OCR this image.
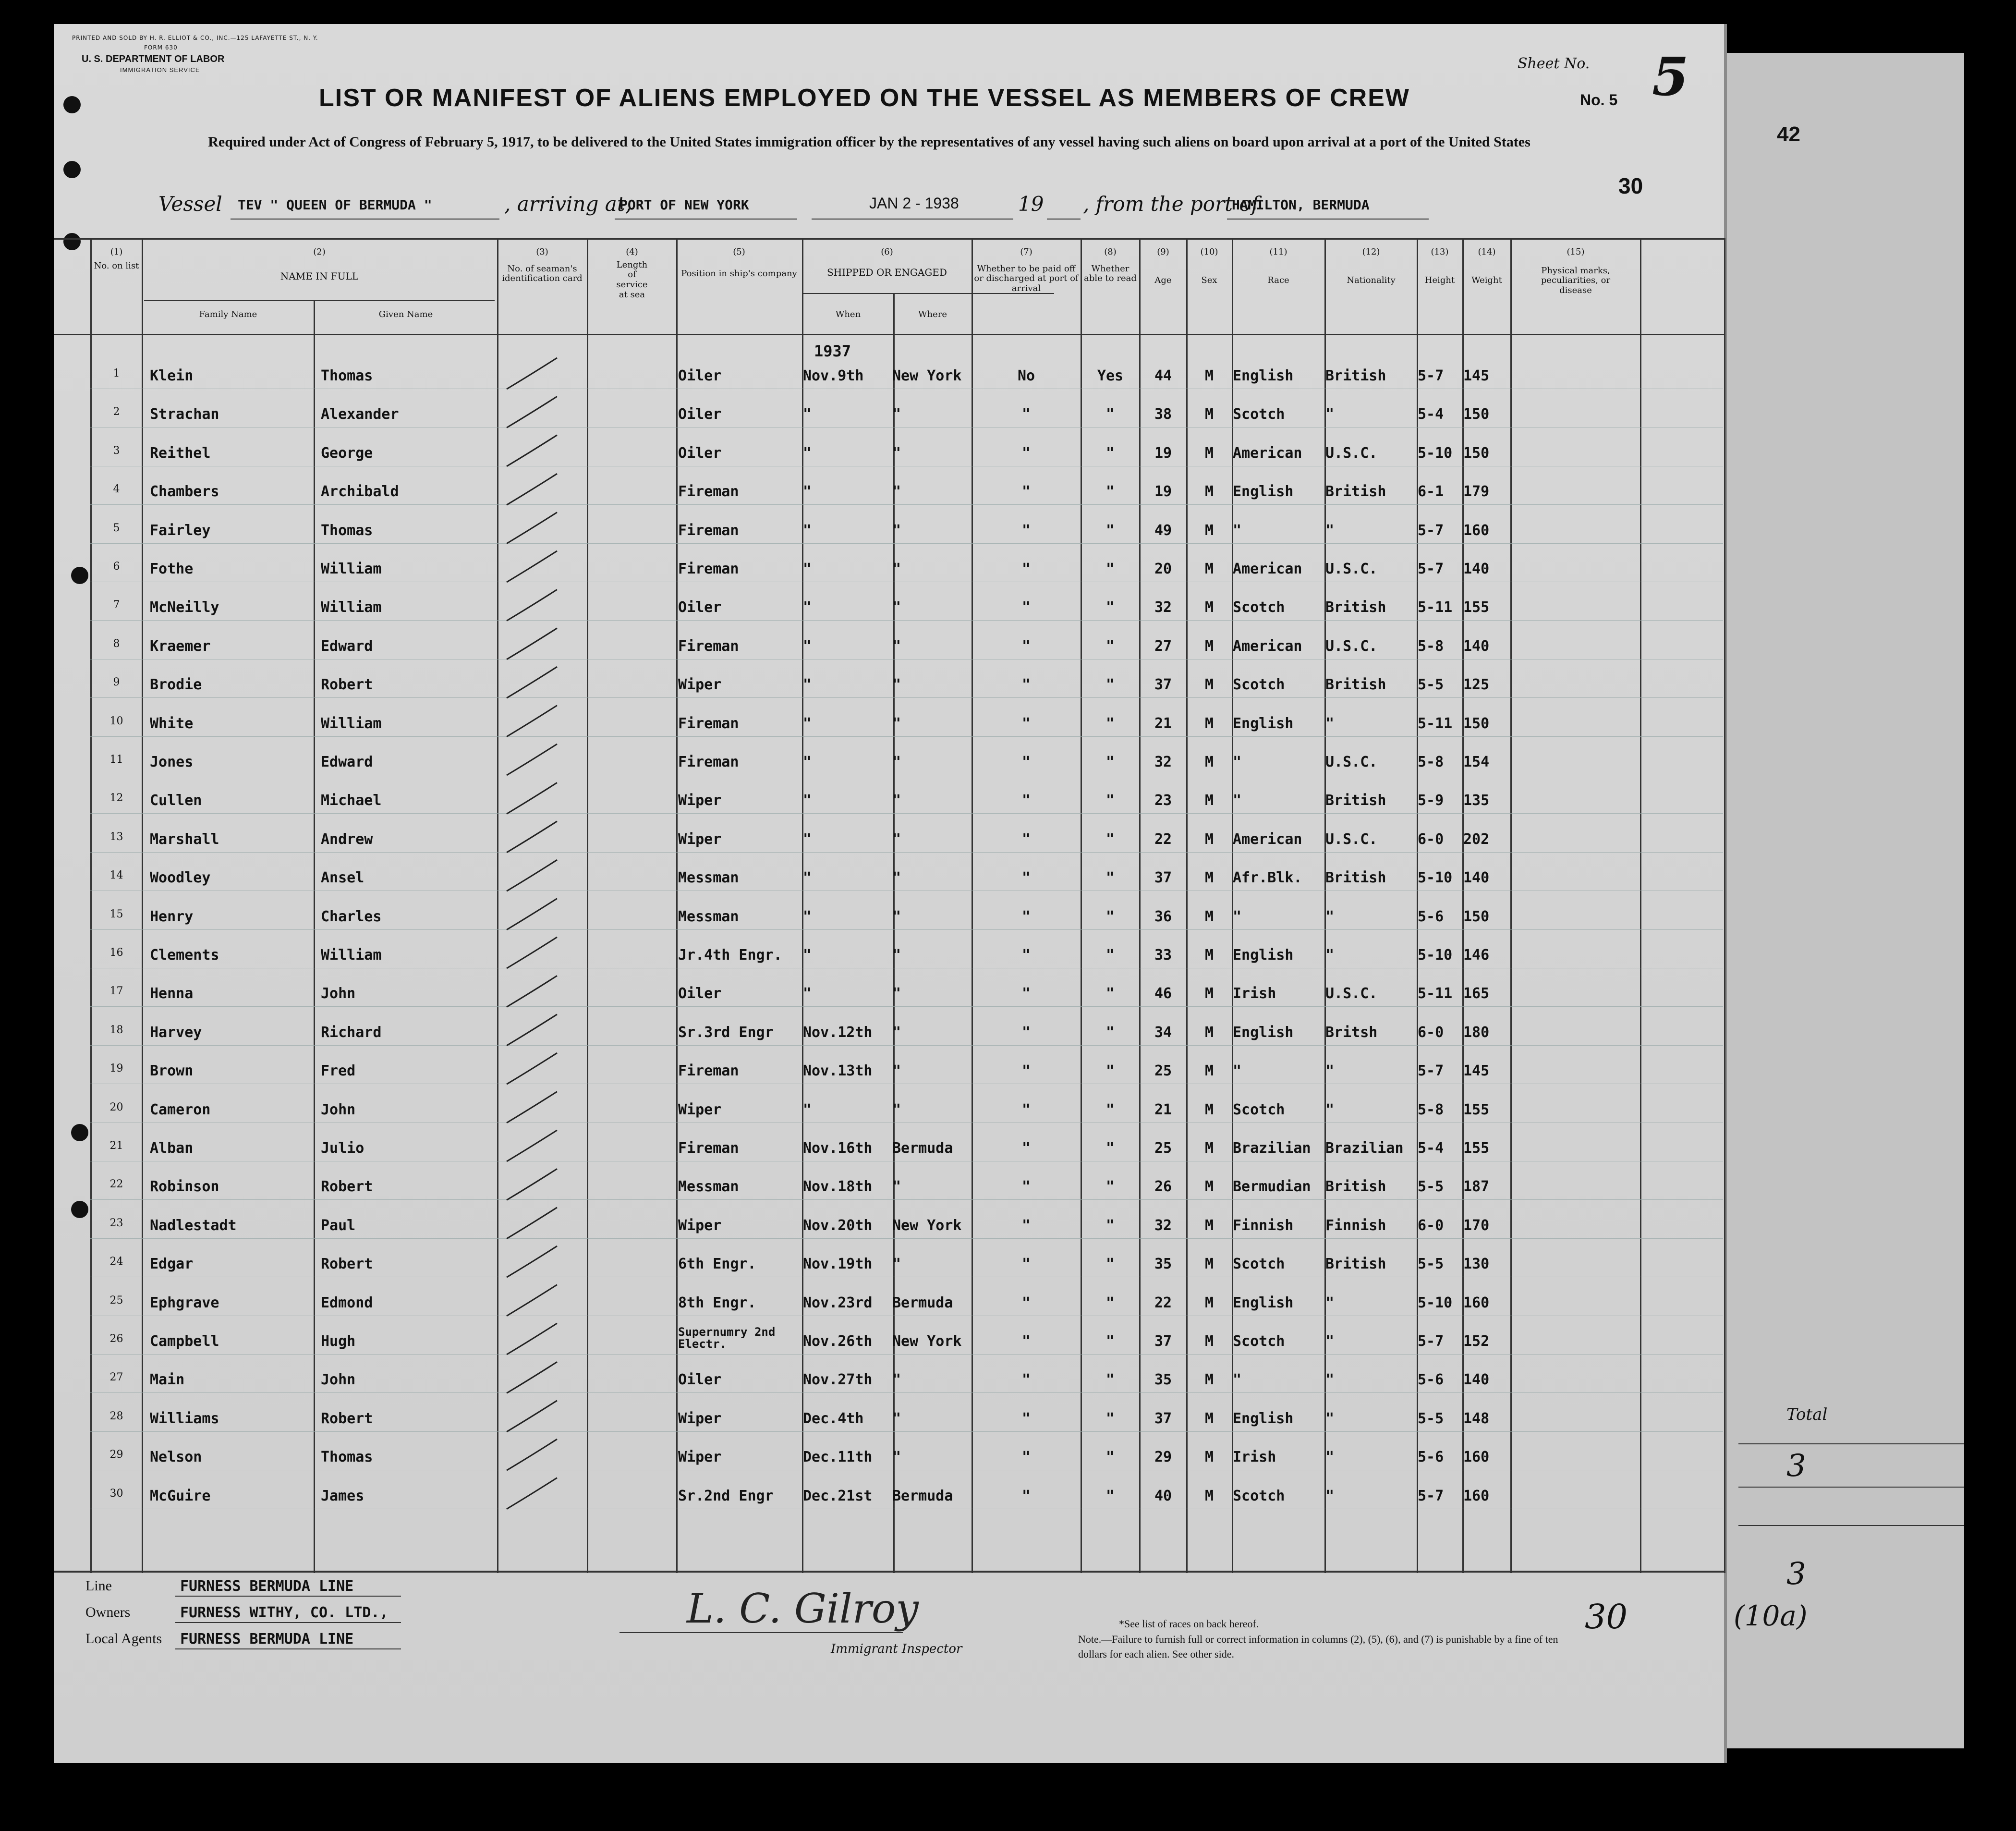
PRINTED AND SOLD BY H. R. ELLIOT & CO., INC.—125 LAFAYETTE ST., N. Y.
FORM 630
U. S. DEPARTMENT OF LABOR
IMMIGRATION SERVICE
LIST OR MANIFEST OF ALIENS EMPLOYED ON THE VESSEL AS MEMBERS OF CREW
Required under Act of Congress of February 5, 1917, to be delivered to the United States immigration officer by the representatives of any vessel having such aliens on board upon arrival at a port of the United States
Sheet No. 5
No. 5
42
30
Vessel TEV " QUEEN OF BERMUDA "	, arriving at,
PORT OF NEW YORK	JAN 2 - 1938	19 , from the port of
HAMILTON, BERMUDA
(1)
No. on list
(2)
NAME IN FULL
Family Name	Given Name
(3)
No. of seaman's identification card
(4)
Length of service at sea
(5)
Position in ship's company
(6)
SHIPPED OR ENGAGED
When	Where
(7)
Whether to be paid off or discharged at port of arrival
(8)
Whether able to read
(9)
Age
(10)
Sex
(11)
Race
(12)
Nationality
(13)
Height
(14)
Weight
(15)
Physical marks, peculiarities, or disease
1937
1	Klein	Thomas	Oiler	Nov.9th	New York	No	Yes	44	M	English	British	5-7	145
2	Strachan	Alexander	Oiler	"	"	"	"	38	M	Scotch	"	5-4	150
3	Reithel	George	Oiler	"	"	"	"	19	M	American	U.S.C.	5-10 150
4	Chambers	Archibald	Fireman	"	"	"	"	19	M	English	British	6-1	179
5	Fairley	Thomas	Fireman	"	"	"	"	49	M	"	"	5-7	160
6	Fothe	William	Fireman	"	"	"	"	20	M	American	U.S.C.	5-7	140
7	McNeilly	William	Oiler	"	"	"	"	32	M	Scotch	British	5-11 155
8	Kraemer	Edward	Fireman	"	"	"	"	27	M	American	U.S.C.	5-8	140
9	Brodie	Robert	Wiper	"	"	"	"	37	M	Scotch	British	5-5	125
10	White	William	Fireman	"	"	"	"	21	M	English	"	5-11 150
11	Jones	Edward	Fireman	"	"	"	"	32	M	"	U.S.C.	5-8	154
12	Cullen	Michael	Wiper	"	"	"	"	23	M	"	British	5-9	135
13	Marshall	Andrew	Wiper	"	"	"	"	22	M	American	U.S.C.	6-0	202
14	Woodley	Ansel	Messman	"	"	"	"	37	M	Afr.Blk.	British	5-10 140
15	Henry	Charles	Messman	"	"	"	"	36	M	"	"	5-6	150
16	Clements	William	Jr.4th Engr.	"	"	"	"	33	M	English	"	5-10 146
17	Henna	John	Oiler	"	"	"	"	46	M	Irish	U.S.C.	5-11 165
18	Harvey	Richard	Sr.3rd Engr	Nov.12th	"	"	"	34	M	English	Britsh	6-0	180
19	Brown	Fred	Fireman	Nov.13th	"	"	"	25	M	"	"	5-7	145
20	Cameron	John	Wiper	"	"	"	"	21	M	Scotch	"	5-8	155
21	Alban	Julio	Fireman	Nov.16th	Bermuda	"	"	25	M	Brazilian	Brazilian 5-4	155
22	Robinson	Robert	Messman	Nov.18th	"	"	"	26	M	Bermudian	British	5-5	187
23	Nadlestadt	Paul	Wiper	Nov.20th	New York	"	"	32	M	Finnish	Finnish	6-0	170
24	Edgar	Robert	6th Engr.	Nov.19th	"	"	"	35	M	Scotch	British	5-5	130
25	Ephgrave	Edmond	8th Engr.	Nov.23rd	Bermuda	"	"	22	M	English	"	5-10 160
26	Campbell	Hugh
Supernumry 2nd Electr.	Nov.26th	New York	"	"	37	M	Scotch	"	5-7	152
27	Main	John	Oiler	Nov.27th	"	"	"	35	M	"	"	5-6	140
28	Williams	Robert	Wiper	Dec.4th	"	"	"	37	M	English	"	5-5	148
29	Nelson	Thomas	Wiper	Dec.11th	"	"	"	29	M	Irish	"	5-6	160
30	McGuire	James	Sr.2nd Engr	Dec.21st	Bermuda	"	"	40	M	Scotch	"	5-7	160
Line	FURNESS BERMUDA LINE
Owners	FURNESS WITHY, CO. LTD.,
Local Agents FURNESS BERMUDA LINE
L. C. Gilroy
Immigrant Inspector
*See list of races on back hereof.
Note.—Failure to furnish full or correct information in columns (2), (5), (6), and (7) is punishable by a fine of ten dollars for each alien. See other side.
30
Total
3
3
(10a)
